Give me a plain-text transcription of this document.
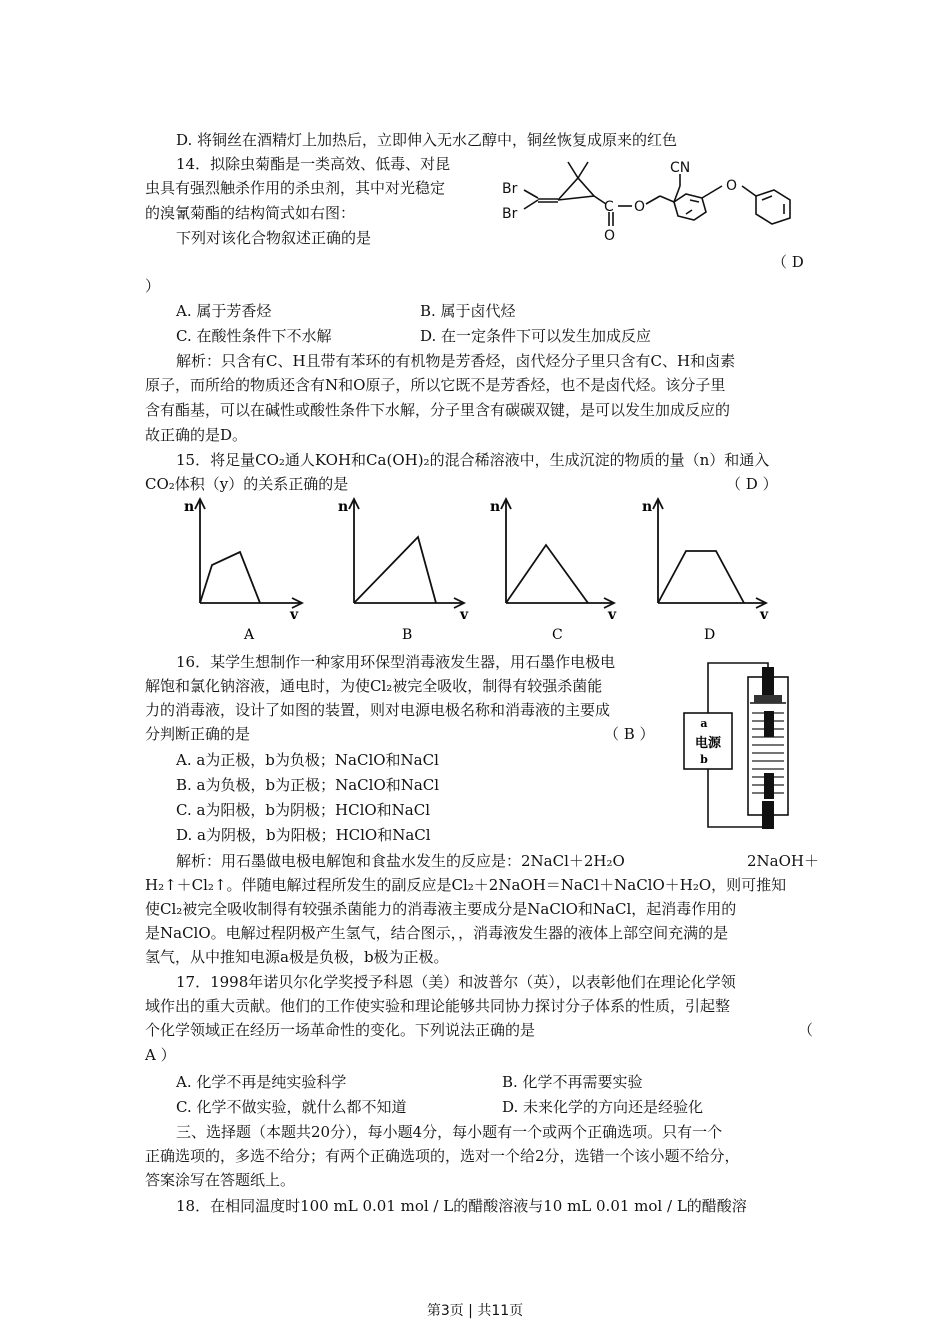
D. 将铜丝在酒精灯上加热后，立即伸入无水乙醇中，铜丝恢复成原来的红色
14．拟除虫菊酯是一类高效、低毒、对昆
虫具有强烈触杀作用的杀虫剂，其中对光稳定
的溴氰菊酯的结构简式如右图：
下列对该化合物叙述正确的是
（ D
）
Br
Br	C O
O
CN
O
A. 属于芳香烃	B. 属于卤代烃
C. 在酸性条件下不水解	D. 在一定条件下可以发生加成反应
解析：只含有C、H且带有苯环的有机物是芳香烃，卤代烃分子里只含有C、H和卤素
原子，而所给的物质还含有N和O原子，所以它既不是芳香烃，也不是卤代烃。该分子里
含有酯基，可以在碱性或酸性条件下水解，分子里含有碳碳双键，是可以发生加成反应的
故正确的是D。
15．将足量CO₂通人KOH和Ca(OH)₂的混合稀溶液中，生成沉淀的物质的量（n）和通入
CO₂体积（y）的关系正确的是	（ D ）
n
v
A
n
v
B
n
v
C
n
v
D
16．某学生想制作一种家用环保型消毒液发生器，用石墨作电极电
解饱和氯化钠溶液，通电时，为使Cl₂被完全吸收，制得有较强杀菌能
力的消毒液，设计了如图的装置，则对电源电极名称和消毒液的主要成
分判断正确的是	（ B ）
A. a为正极，b为负极；NaClO和NaCl
B. a为负极，b为正极；NaClO和NaCl
C. a为阳极，b为阴极；HClO和NaCl
D. a为阴极，b为阳极；HClO和NaCl
a
电源
b
解析：用石墨做电极电解饱和食盐水发生的反应是：2NaCl＋2H₂O	2NaOH＋
H₂↑＋Cl₂↑。伴随电解过程所发生的副反应是Cl₂＋2NaOH＝NaCl＋NaClO＋H₂O，则可推知
使Cl₂被完全吸收制得有较强杀菌能力的消毒液主要成分是NaClO和NaCl，起消毒作用的
是NaClO。电解过程阴极产生氢气，结合图示，，消毒液发生器的液体上部空间充满的是
氢气，从中推知电源a极是负极，b极为正极。
17．1998年诺贝尔化学奖授予科恩（美）和波普尔（英），以表彰他们在理论化学领
域作出的重大贡献。他们的工作使实验和理论能够共同协力探讨分子体系的性质，引起整
个化学领域正在经历一场革命性的变化。下列说法正确的是	（
A ）
A. 化学不再是纯实验科学	B. 化学不再需要实验
C. 化学不做实验，就什么都不知道	D. 未来化学的方向还是经验化
三、选择题（本题共20分），每小题4分，每小题有一个或两个正确选项。只有一个
正确选项的，多选不给分；有两个正确选项的，选对一个给2分，选错一个该小题不给分，
答案涂写在答题纸上。
18．在相同温度时100 mL 0.01 mol / L的醋酸溶液与10 mL 0.01 mol / L的醋酸溶
第3页 | 共11页
